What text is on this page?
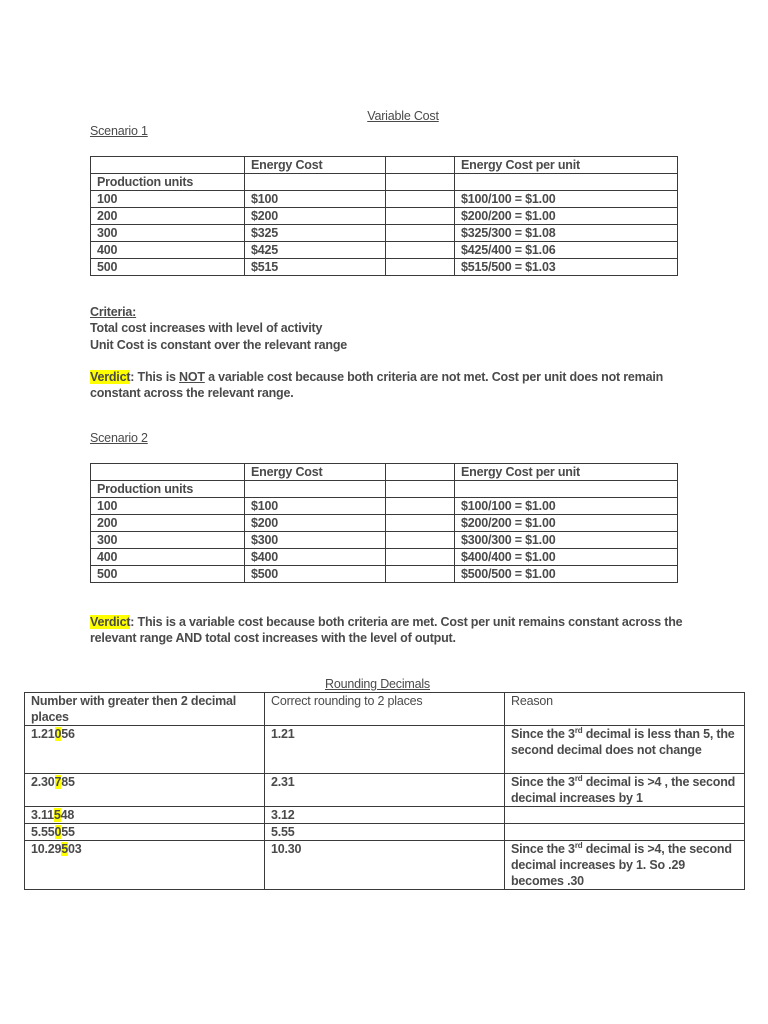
Variable Cost
Scenario 1
	Energy Cost		Energy Cost per unit
Production units			
100	$100		$100/100 = $1.00
200	$200		$200/200 = $1.00
300	$325		$325/300 = $1.08
400	$425		$425/400 = $1.06
500	$515		$515/500 = $1.03
Criteria:
Total cost increases with level of activity
Unit Cost is constant over the relevant range
Verdict: This is NOT a variable cost because both criteria are not met. Cost per unit does not remain constant across the relevant range.
Scenario 2
	Energy Cost		Energy Cost per unit
Production units			
100	$100		$100/100 = $1.00
200	$200		$200/200 = $1.00
300	$300		$300/300 = $1.00
400	$400		$400/400 = $1.00
500	$500		$500/500 = $1.00
Verdict: This is a variable cost because both criteria are met. Cost per unit remains constant across the relevant range AND total cost increases with the level of output.
Rounding Decimals
Number with greater then 2 decimal places	Correct rounding to 2 places	Reason
1.21056	1.21	Since the 3rd decimal is less than 5, the second decimal does not change
2.30785	2.31	Since the 3rd decimal is >4 , the second decimal increases by 1
3.11548	3.12	
5.55055	5.55	
10.29503	10.30	Since the 3rd decimal is >4, the second decimal increases by 1. So .29 becomes .30
